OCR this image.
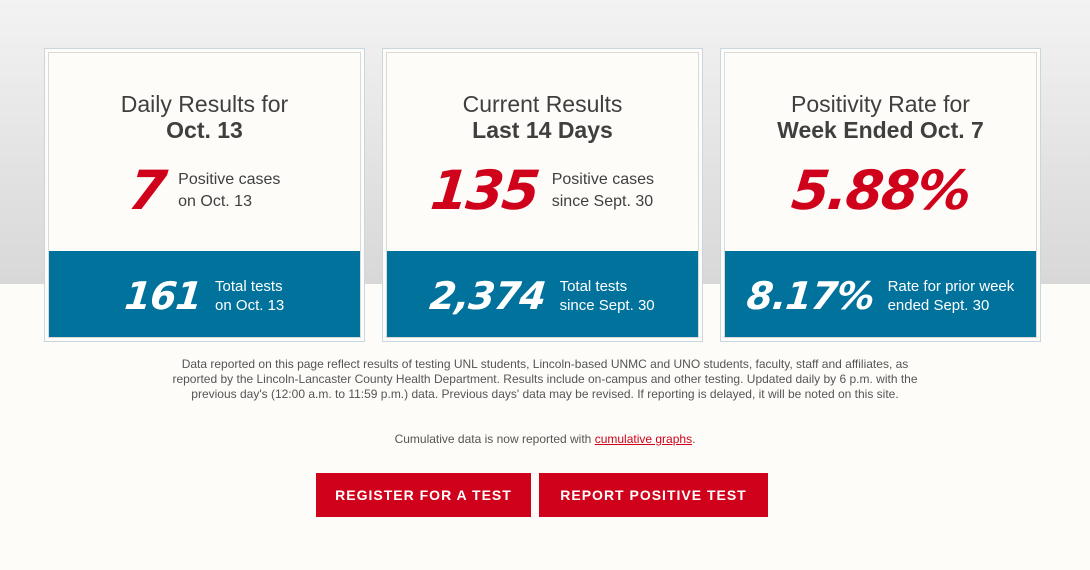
Daily Results for
Oct. 13
7 Positive cases
on Oct. 13
161 Total tests
on Oct. 13
Current Results
Last 14 Days
135 Positive cases
since Sept. 30
2,374 Total tests
since Sept. 30
Positivity Rate for
Week Ended Oct. 7
5.88%
8.17% Rate for prior week
ended Sept. 30

Data reported on this page reflect results of testing UNL students, Lincoln-based UNMC and UNO students, faculty, staff and affiliates, as reported by the Lincoln-Lancaster County Health Department. Results include on-campus and other testing. Updated daily by 6 p.m. with the previous day's (12:00 a.m. to 11:59 p.m.) data. Previous days' data may be revised. If reporting is delayed, it will be noted on this site.

Cumulative data is now reported with cumulative graphs.

REGISTER FOR A TEST	REPORT POSITIVE TEST
